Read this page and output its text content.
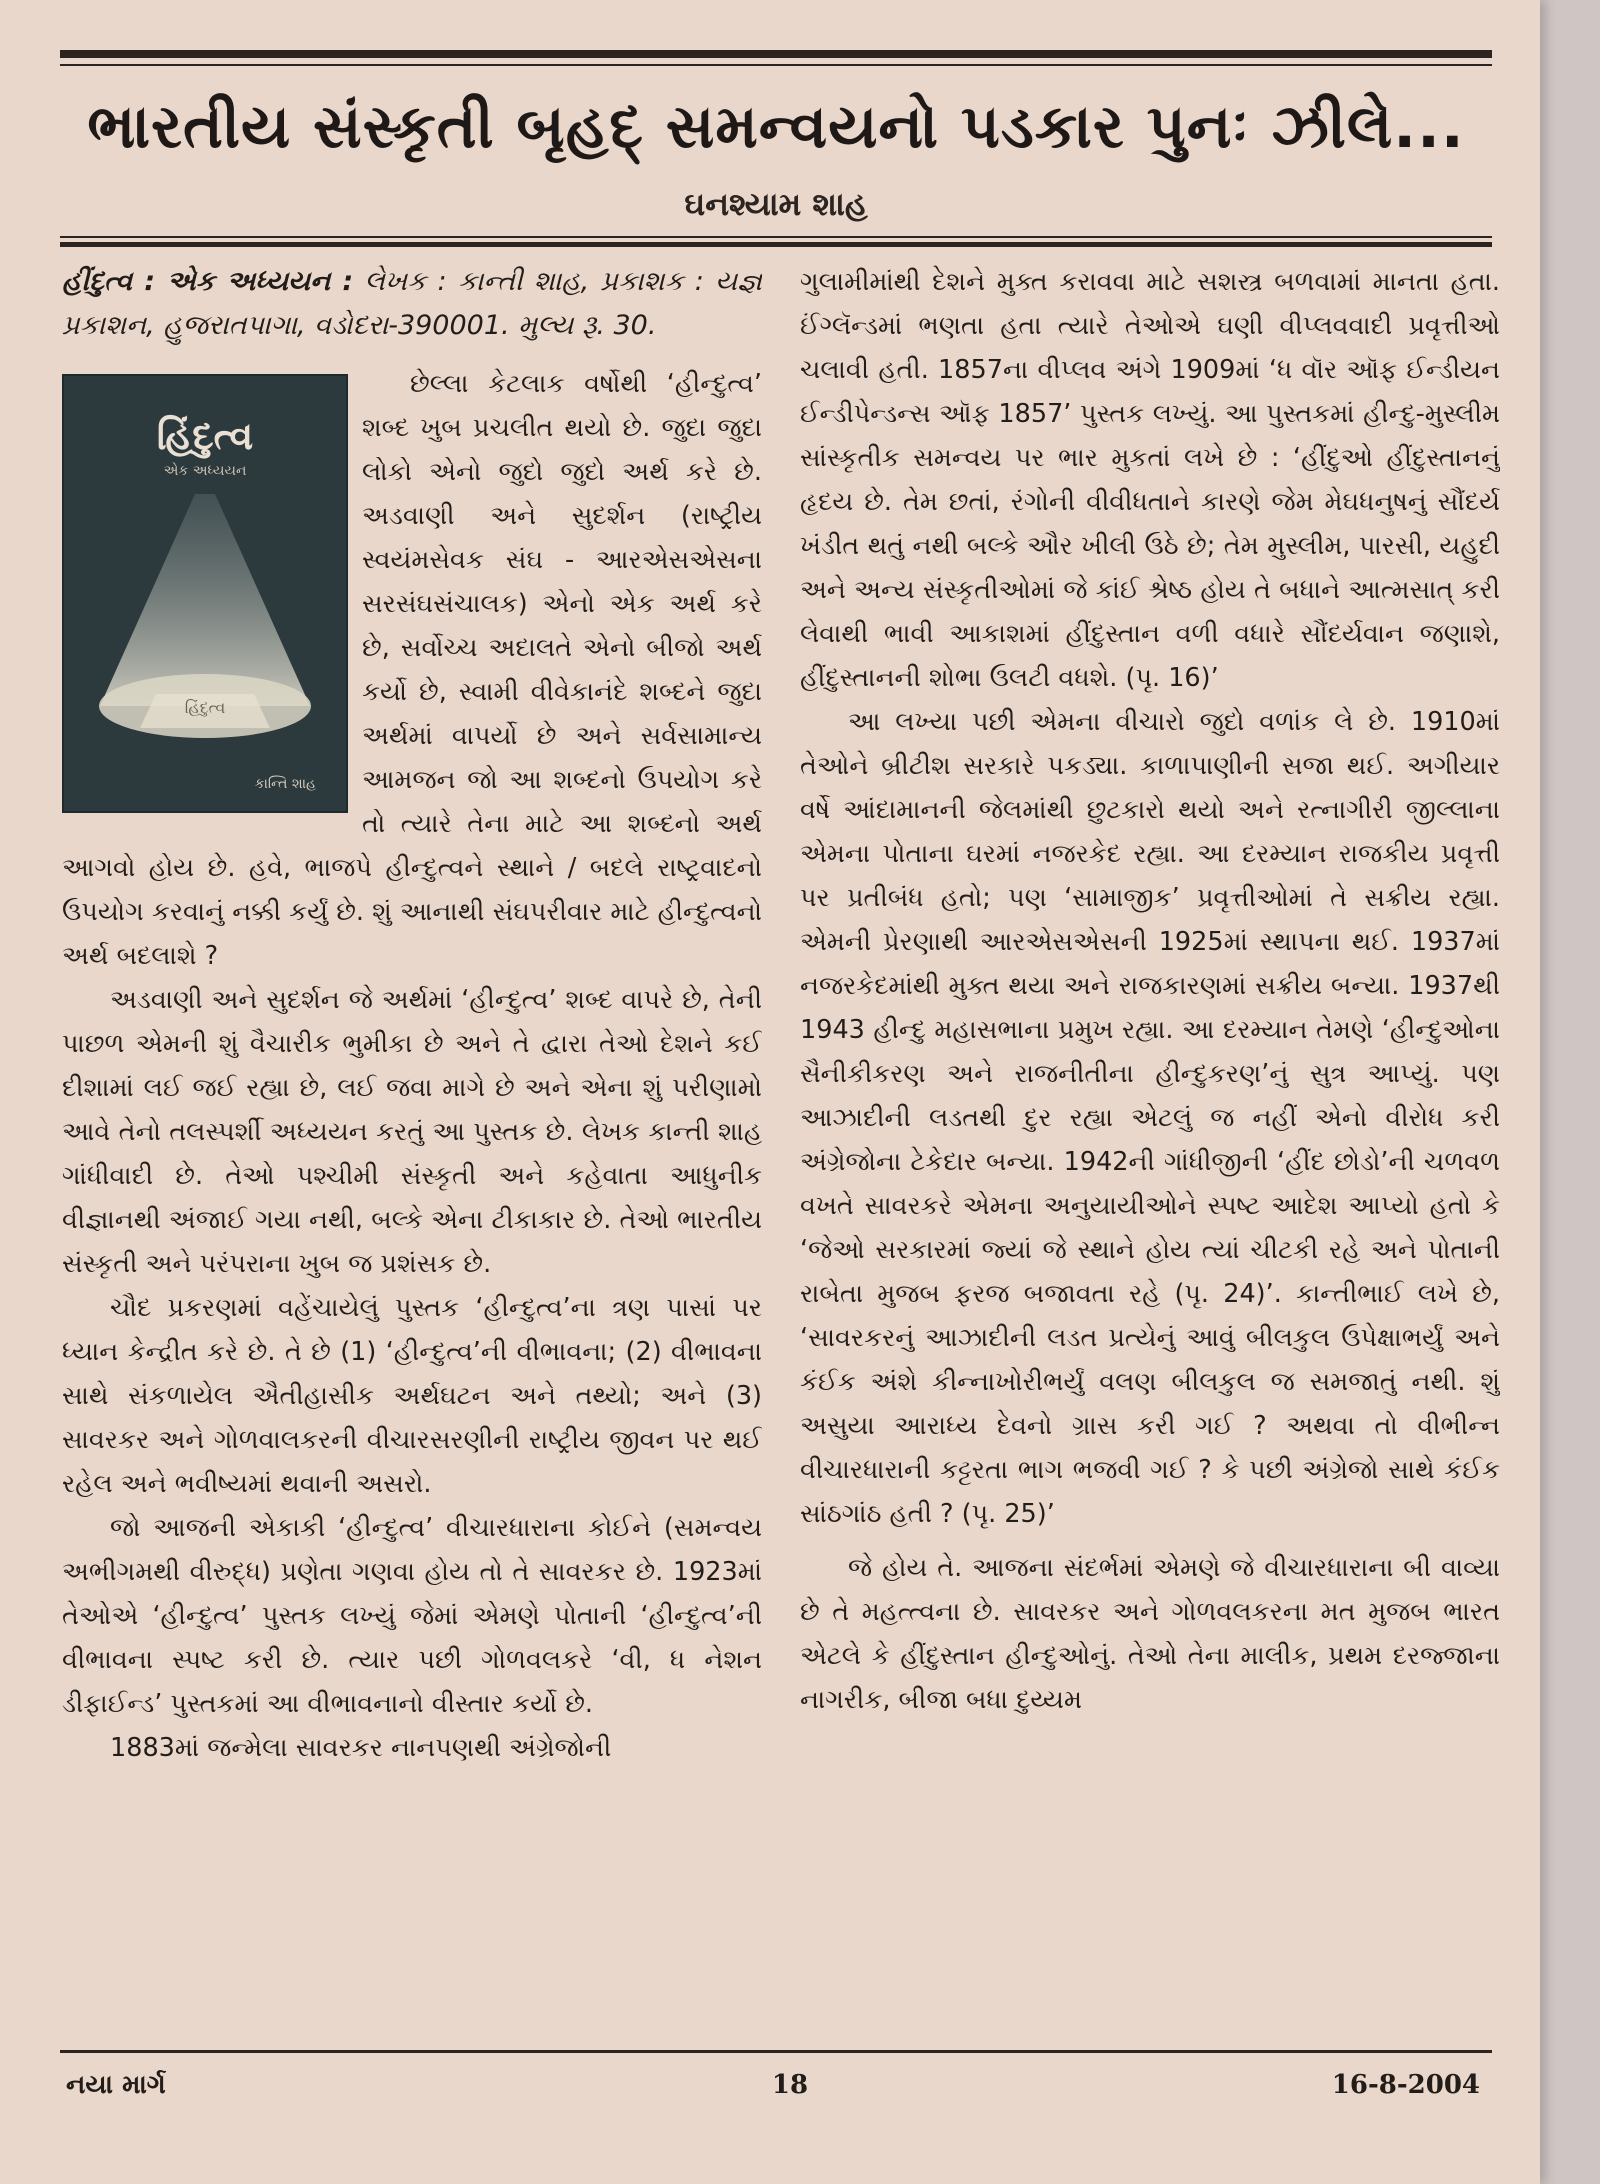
ભારતીય સંસ્કૃતી બૃહદ્ સમન્વયનો પડકાર પુનઃ ઝીલે...
ઘનશ્યામ શાહ

હીંદુત્વ : એક અધ્યયન : લેખક : કાન્તી શાહ, પ્રકાશક : યજ્ઞ પ્રકાશન, હુજરાતપાગા, વડોદરા-390001. મુલ્ય રૂ. 30.

હિંદુત્વ
એક અધ્યયન
હિંદુત્વ
કાન્તિ શાહ
છેલ્લા કેટલાક વર્ષોથી ‘હીન્દુત્વ’ શબ્દ ખુબ પ્રચલીત થયો છે. જુદા જુદા લોકો એનો જુદો જુદો અર્થ કરે છે. અડવાણી અને સુદર્શન (રાષ્ટ્રીય સ્વયંમસેવક સંઘ - આરએસએસના સરસંઘસંચાલક) એનો એક અર્થ કરે છે, સર્વોચ્ચ અદાલતે એનો બીજો અર્થ કર્યો છે, સ્વામી વીવેકાનંદે શબ્દને જુદા અર્થમાં વાપર્યો છે અને સર્વસામાન્ય આમજન જો આ શબ્દનો ઉપયોગ કરે તો ત્યારે તેના માટે આ શબ્દનો અર્થ આગવો હોય છે. હવે, ભાજપે હીન્દુત્વને સ્થાને / બદલે રાષ્ટ્રવાદનો ઉપયોગ કરવાનું નક્કી કર્યું છે. શું આનાથી સંઘપરીવાર માટે હીન્દુત્વનો અર્થ બદલાશે ?

અડવાણી અને સુદર્શન જે અર્થમાં ‘હીન્દુત્વ’ શબ્દ વાપરે છે, તેની પાછળ એમની શું વૈચારીક ભુમીકા છે અને તે દ્વારા તેઓ દેશને કઈ દીશામાં લઈ જઈ રહ્યા છે, લઈ જવા માગે છે અને એના શું પરીણામો આવે તેનો તલસ્પર્શી અધ્યયન કરતું આ પુસ્તક છે. લેખક કાન્તી શાહ ગાંધીવાદી છે. તેઓ પશ્ચીમી સંસ્કૃતી અને કહેવાતા આધુનીક વીજ્ઞાનથી અંજાઈ ગયા નથી, બલ્કે એના ટીકાકાર છે. તેઓ ભારતીય સંસ્કૃતી અને પરંપરાના ખુબ જ પ્રશંસક છે.

ચૌદ પ્રકરણમાં વહેંચાયેલું પુસ્તક ‘હીન્દુત્વ’ના ત્રણ પાસાં પર ધ્યાન કેન્દ્રીત કરે છે. તે છે (1) ‘હીન્દુત્વ’ની વીભાવના; (2) વીભાવના સાથે સંકળાયેલ ઐતીહાસીક અર્થઘટન અને તથ્યો; અને (3) સાવરકર અને ગોળવાલકરની વીચારસરણીની રાષ્ટ્રીય જીવન પર થઈ રહેલ અને ભવીષ્યમાં થવાની અસરો.

જો આજની એકાકી ‘હીન્દુત્વ’ વીચારધારાના કોઈને (સમન્વય અભીગમથી વીરુદ્ધ) પ્રણેતા ગણવા હોય તો તે સાવરકર છે. 1923માં તેઓએ ‘હીન્દુત્વ’ પુસ્તક લખ્યું જેમાં એમણે પોતાની ‘હીન્દુત્વ’ની વીભાવના સ્પષ્ટ કરી છે. ત્યાર પછી ગોળવલકરે ‘વી, ધ નેશન ડીફાઈન્ડ’ પુસ્તકમાં આ વીભાવનાનો વીસ્તાર કર્યો છે.

1883માં જન્મેલા સાવરકર નાનપણથી અંગ્રેજોની

ગુલામીમાંથી દેશને મુક્ત કરાવવા માટે સશસ્ત્ર બળવામાં માનતા હતા. ઈંગ્લૅન્ડમાં ભણતા હતા ત્યારે તેઓએ ઘણી વીપ્લવવાદી પ્રવૃત્તીઓ ચલાવી હતી. 1857ના વીપ્લવ અંગે 1909માં ‘ધ વૉર ઑફ ઈન્ડીયન ઈન્ડીપેન્ડન્સ ઑફ 1857’ પુસ્તક લખ્યું. આ પુસ્તકમાં હીન્દુ-મુસ્લીમ સાંસ્કૃતીક સમન્વય પર ભાર મુકતાં લખે છે : ‘હીંદુઓ હીંદુસ્તાનનું હૃદય છે. તેમ છતાં, રંગોની વીવીધતાને કારણે જેમ મેઘધનુષનું સૌંદર્ય ખંડીત થતું નથી બલ્કે ઔર ખીલી ઉઠે છે; તેમ મુસ્લીમ, પારસી, યહુદી અને અન્ય સંસ્કૃતીઓમાં જે કાંઈ શ્રેષ્ઠ હોય તે બધાને આત્મસાત્ કરી લેવાથી ભાવી આકાશમાં હીંદુસ્તાન વળી વધારે સૌંદર્યવાન જણાશે, હીંદુસ્તાનની શોભા ઉલટી વધશે. (પૃ. 16)’

આ લખ્યા પછી એમના વીચારો જુદો વળાંક લે છે. 1910માં તેઓને બ્રીટીશ સરકારે પકડ્યા. કાળાપાણીની સજા થઈ. અગીયાર વર્ષે આંદામાનની જેલમાંથી છુટકારો થયો અને રત્નાગીરી જીલ્લાના એમના પોતાના ઘરમાં નજરકેદ રહ્યા. આ દરમ્યાન રાજકીય પ્રવૃત્તી પર પ્રતીબંધ હતો; પણ ‘સામાજીક’ પ્રવૃત્તીઓમાં તે સક્રીય રહ્યા. એમની પ્રેરણાથી આરએસએસની 1925માં સ્થાપના થઈ. 1937માં નજરકેદમાંથી મુક્ત થયા અને રાજકારણમાં સક્રીય બન્યા. 1937થી 1943 હીન્દુ મહાસભાના પ્રમુખ રહ્યા. આ દરમ્યાન તેમણે ‘હીન્દુઓના સૈનીકીકરણ અને રાજનીતીના હીન્દુકરણ’નું સુત્ર આપ્યું. પણ આઝાદીની લડતથી દુર રહ્યા એટલું જ નહીં એનો વીરોધ કરી અંગ્રેજોના ટેકેદાર બન્યા. 1942ની ગાંધીજીની ‘હીંદ છોડો’ની ચળવળ વખતે સાવરકરે એમના અનુયાયીઓને સ્પષ્ટ આદેશ આપ્યો હતો કે ‘જેઓ સરકારમાં જ્યાં જે સ્થાને હોય ત્યાં ચીટકી રહે અને પોતાની રાબેતા મુજબ ફરજ બજાવતા રહે (પૃ. 24)’. કાન્તીભાઈ લખે છે, ‘સાવરકરનું આઝાદીની લડત પ્રત્યેનું આવું બીલકુલ ઉપેક્ષાભર્યું અને કંઈક અંશે કીન્નાખોરીભર્યું વલણ બીલકુલ જ સમજાતું નથી. શું અસુયા આરાધ્ય દેવનો ગ્રાસ કરી ગઈ ? અથવા તો વીભીન્ન વીચારધારાની કટ્ટરતા ભાગ ભજવી ગઈ ? કે પછી અંગ્રેજો સાથે કંઈક સાંઠગાંઠ હતી ? (પૃ. 25)’

જે હોય તે. આજના સંદર્ભમાં એમણે જે વીચારધારાના બી વાવ્યા છે તે મહત્ત્વના છે. સાવરકર અને ગોળવલકરના મત મુજબ ભારત એટલે કે હીંદુસ્તાન હીન્દુઓનું. તેઓ તેના માલીક, પ્રથમ દરજ્જાના નાગરીક, બીજા બધા દુય્યમ

નયા માર્ગ	18	16-8-2004
